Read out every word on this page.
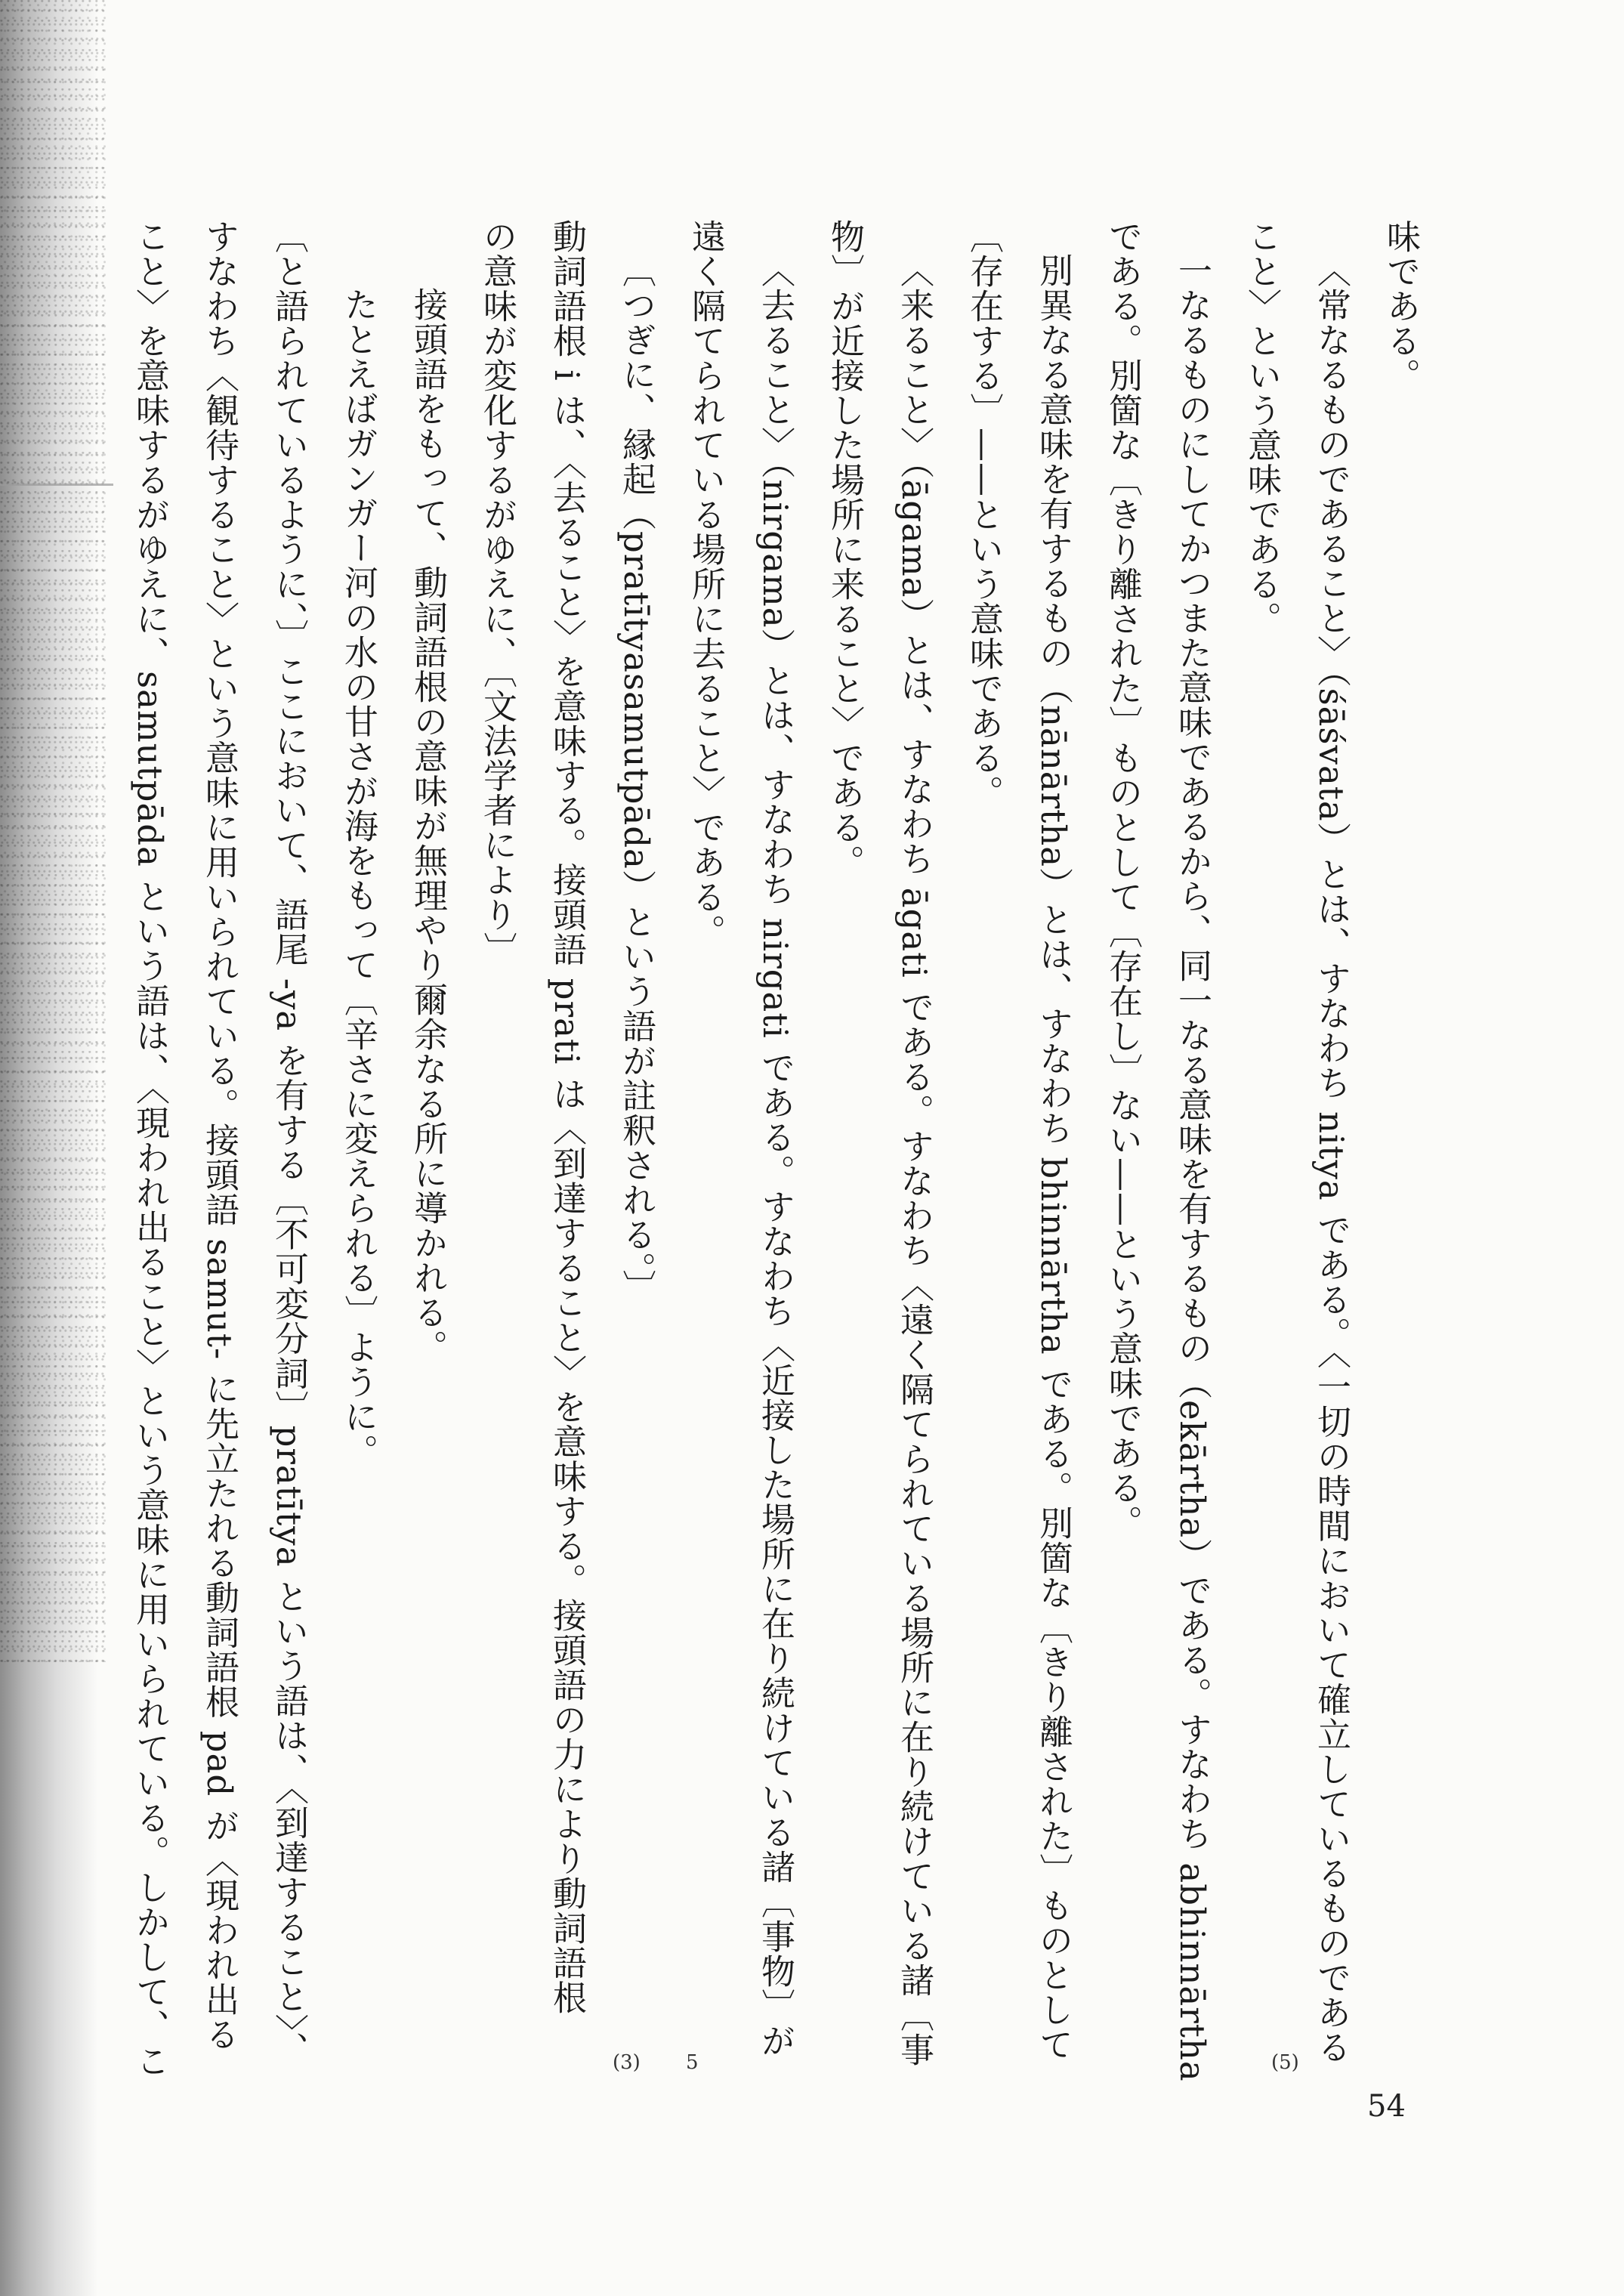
味である。
〈常なるものであること〉（śāśvata）とは、すなわち nitya である。〈一切の時間において確立しているものである
こと〉という意味である。
一なるものにしてかつまた意味であるから、同一なる意味を有するもの（ekārtha）である。すなわち abhinnārtha
である。別箇な〔きり離された〕ものとして〔存在し〕ない——という意味である。
別異なる意味を有するもの（nānārtha）とは、すなわち bhinnārtha である。別箇な〔きり離された〕ものとして
〔存在する〕——という意味である。
〈来ること〉（āgama）とは、すなわち āgati である。すなわち〈遠く隔てられている場所に在り続けている諸〔事
物〕が近接した場所に来ること〉である。
〈去ること〉（nirgama）とは、すなわち nirgati である。すなわち〈近接した場所に在り続けている諸〔事物〕が
遠く隔てられている場所に去ること〉である。
〔つぎに、縁起（pratītyasamutpāda）という語が註釈される。〕
動詞語根 i は、〈去ること〉を意味する。接頭語 prati は〈到達すること〉を意味する。接頭語の力により動詞語根
の意味が変化するがゆえに、〔文法学者により〕
接頭語をもって、動詞語根の意味が無理やり爾余なる所に導かれる。
たとえばガンガー河の水の甘さが海をもって〔辛さに変えられる〕ように。
〔と語られているように、〕ここにおいて、語尾 -ya を有する〔不可変分詞〕pratītya という語は、〈到達すること〉、
すなわち〈観待すること〉という意味に用いられている。接頭語 samut- に先立たれる動詞語根 pad が〈現われ出る
こと〉を意味するがゆえに、samutpāda という語は、〈現われ出ること〉という意味に用いられている。しかして、こ	(5)
5
(3)
54
